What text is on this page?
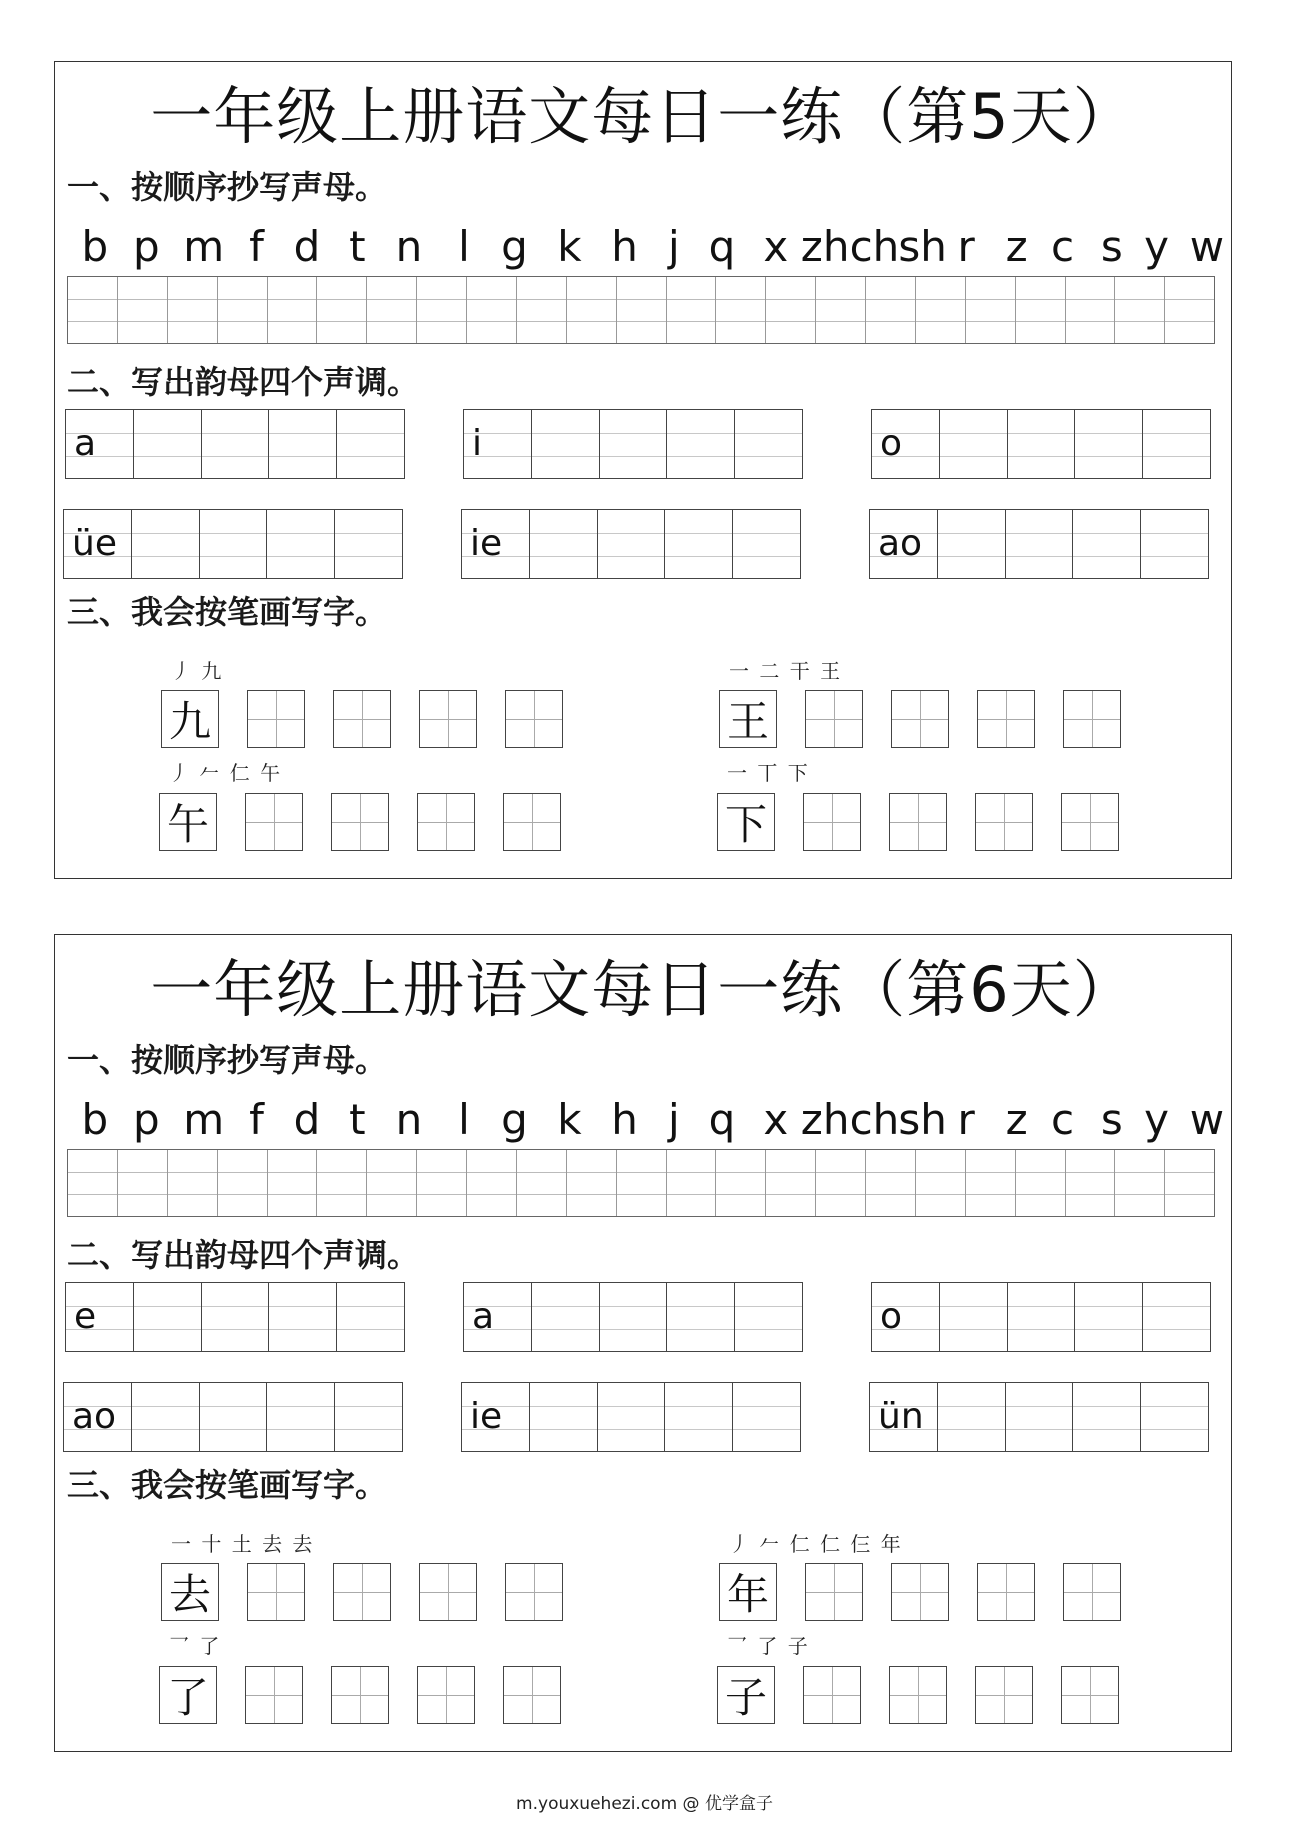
一年级上册语文每日一练（第5天）
一、按顺序抄写声母。
b p m f d t n l g k h j q x zh ch sh r z c s y w
二、写出韵母四个声调。
三、我会按笔画写字。
a	i	o
üe	ie	ao
丿 九
九
一 二 干 王
王
丿 𠂉 仁 午
午
一 丅 下
下
一年级上册语文每日一练（第6天）
一、按顺序抄写声母。
b p m f d t n l g k h j q x zh ch sh r z c s y w
二、写出韵母四个声调。
三、我会按笔画写字。
e	a	o
ao	ie	ün
一 十 土 去 去
去
丿 𠂉 仁 仁 仨 年
年
乛 了
了
乛 了 子
子
m.youxuehezi.com @ 优学盒子
